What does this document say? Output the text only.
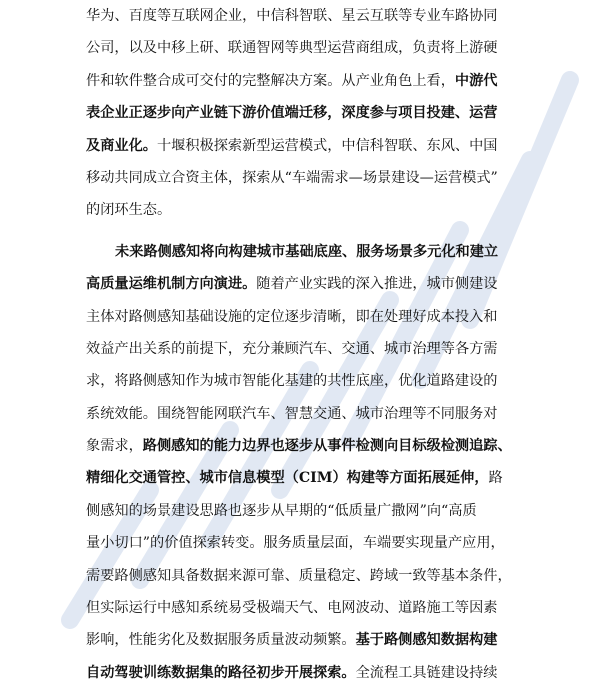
华为、百度等互联网企业，中信科智联、星云互联等专业车路协同
公司，以及中移上研、联通智网等典型运营商组成，负责将上游硬
件和软件整合成可交付的完整解决方案。从产业角色上看，中游代
表企业正逐步向产业链下游价值端迁移，深度参与项目投建、运营
及商业化。十堰积极探索新型运营模式，中信科智联、东风、中国
移动共同成立合资主体，探索从“车端需求—场景建设—运营模式”
的闭环生态。
未来路侧感知将向构建城市基础底座、服务场景多元化和建立
高质量运维机制方向演进。随着产业实践的深入推进，城市侧建设
主体对路侧感知基础设施的定位逐步清晰，即在处理好成本投入和
效益产出关系的前提下，充分兼顾汽车、交通、城市治理等各方需
求，将路侧感知作为城市智能化基建的共性底座，优化道路建设的
系统效能。围绕智能网联汽车、智慧交通、城市治理等不同服务对
象需求，路侧感知的能力边界也逐步从事件检测向目标级检测追踪、
精细化交通管控、城市信息模型（CIM）构建等方面拓展延伸，路
侧感知的场景建设思路也逐步从早期的“低质量广撒网”向“高质
量小切口”的价值探索转变。服务质量层面，车端要实现量产应用，
需要路侧感知具备数据来源可靠、质量稳定、跨域一致等基本条件，
但实际运行中感知系统易受极端天气、电网波动、道路施工等因素
影响，性能劣化及数据服务质量波动频繁。基于路侧感知数据构建
自动驾驶训练数据集的路径初步开展探索。全流程工具链建设持续
